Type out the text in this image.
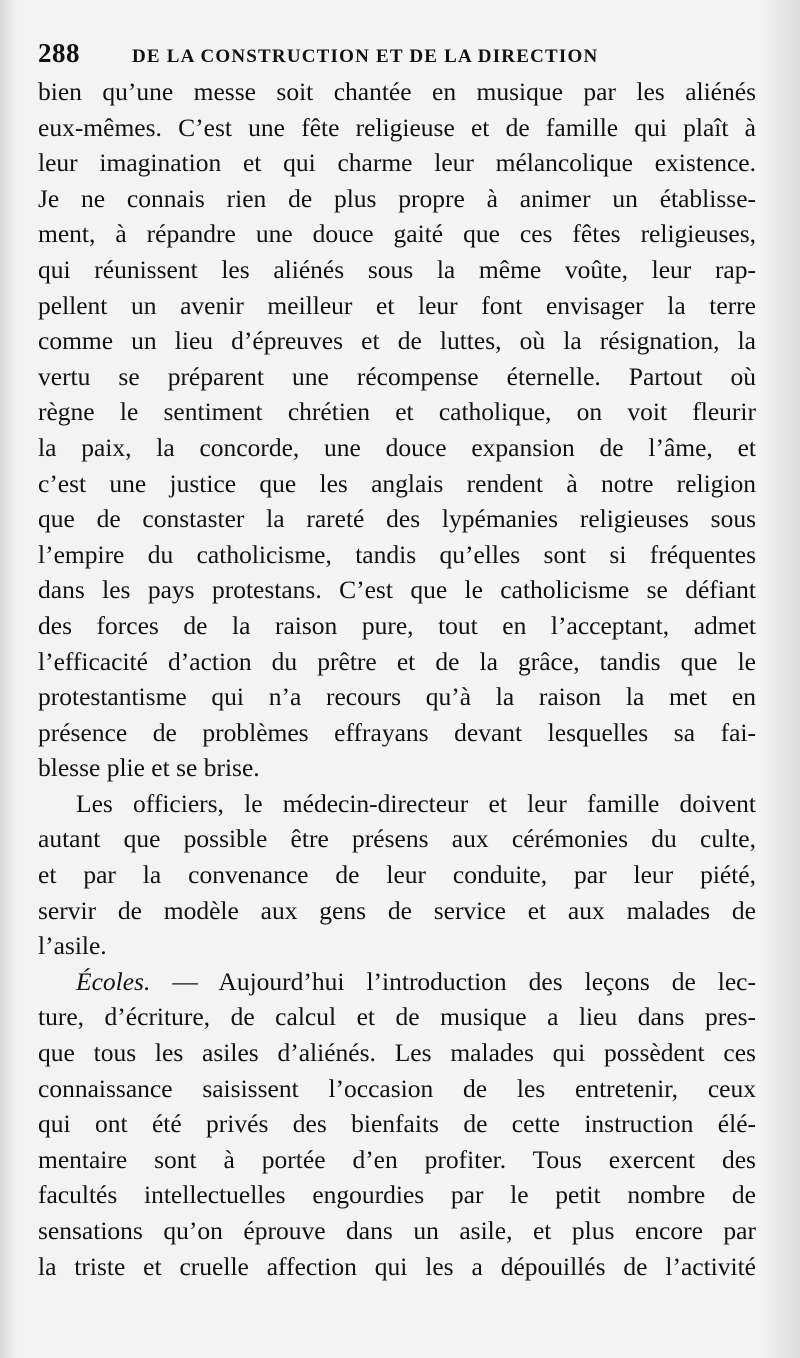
288	DE LA CONSTRUCTION ET DE LA DIRECTION
bien qu’une messe soit chantée en musique par les aliénés
eux-mêmes. C’est une fête religieuse et de famille qui plaît à
leur imagination et qui charme leur mélancolique existence.
Je ne connais rien de plus propre à animer un établisse-
ment, à répandre une douce gaité que ces fêtes religieuses,
qui réunissent les aliénés sous la même voûte, leur rap-
pellent un avenir meilleur et leur font envisager la terre
comme un lieu d’épreuves et de luttes, où la résignation, la
vertu se préparent une récompense éternelle. Partout où
règne le sentiment chrétien et catholique, on voit fleurir
la paix, la concorde, une douce expansion de l’âme, et
c’est une justice que les anglais rendent à notre religion
que de constaster la rareté des lypémanies religieuses sous
l’empire du catholicisme, tandis qu’elles sont si fréquentes
dans les pays protestans. C’est que le catholicisme se défiant
des forces de la raison pure, tout en l’acceptant, admet
l’efficacité d’action du prêtre et de la grâce, tandis que le
protestantisme qui n’a recours qu’à la raison la met en
présence de problèmes effrayans devant lesquelles sa fai-
blesse plie et se brise.
Les officiers, le médecin-directeur et leur famille doivent
autant que possible être présens aux cérémonies du culte,
et par la convenance de leur conduite, par leur piété,
servir de modèle aux gens de service et aux malades de
l’asile.
Écoles. — Aujourd’hui l’introduction des leçons de lec-
ture, d’écriture, de calcul et de musique a lieu dans pres-
que tous les asiles d’aliénés. Les malades qui possèdent ces
connaissance saisissent l’occasion de les entretenir, ceux
qui ont été privés des bienfaits de cette instruction élé-
mentaire sont à portée d’en profiter. Tous exercent des
facultés intellectuelles engourdies par le petit nombre de
sensations qu’on éprouve dans un asile, et plus encore par
la triste et cruelle affection qui les a dépouillés de l’activité
